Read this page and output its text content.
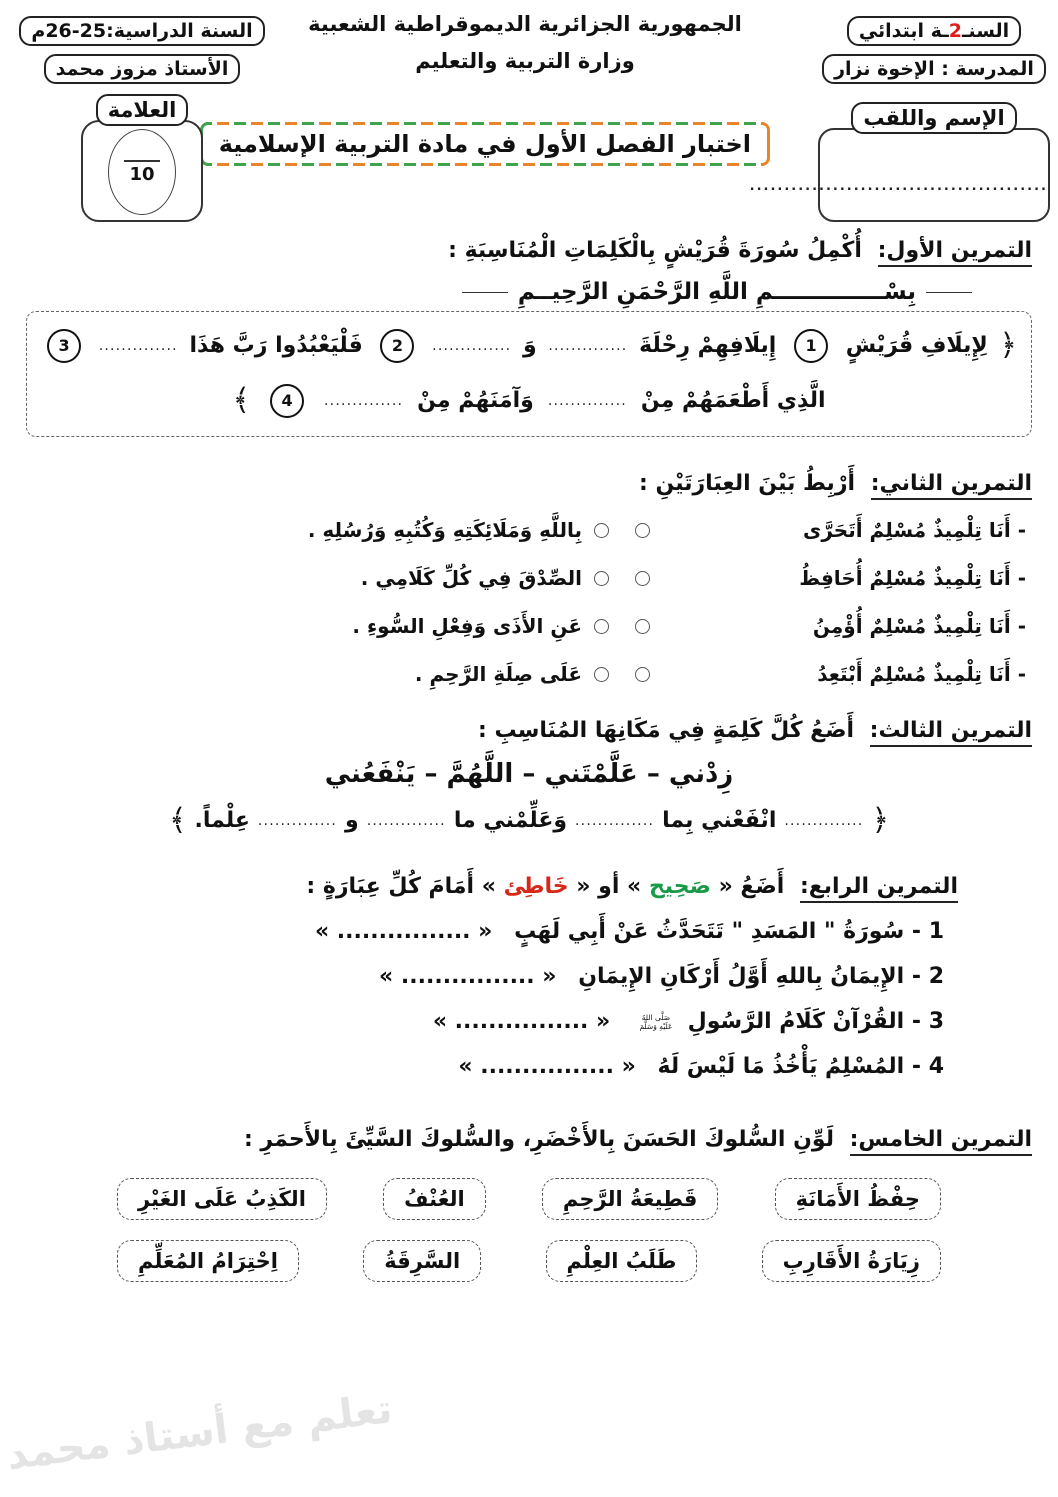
السنـ2ـة ابتدائي
المدرسة : الإخوة نزار
الإسم واللقب
...........................................
الجمهورية الجزائرية الديموقراطية الشعبية
وزارة التربية والتعليم
اختبار الفصل الأول في مادة التربية الإسلامية
السنة الدراسية:25-26م
الأستاذ مزوز محمد
العلامة
10
التمرين الأول: أُكْمِلُ سُورَةَ قُرَيْشٍ بِالْكَلِمَاتِ الْمُنَاسِبَةِ :
بِسْــــــــــــــمِ اللَّهِ الرَّحْمَنِ الرَّحِيــمِ
﴿
لِإِيلَافِ قُرَيْشٍ
1
إِيلَافِهِمْ رِحْلَةَ
..............
وَ
..............
2
فَلْيَعْبُدُوا رَبَّ هَذَا
..............
3
الَّذِي أَطْعَمَهُمْ مِنْ
..............
وَآمَنَهُمْ مِنْ
..............
4
﴾
التمرين الثاني: أَرْبِطُ بَيْنَ العِبَارَتَيْنِ :
- أَنَا تِلْمِيذٌ مُسْلِمٌ أَتَحَرَّى
بِاللَّهِ وَمَلَائِكَتِهِ وَكُتُبِهِ وَرُسُلِهِ .
- أَنَا تِلْمِيذٌ مُسْلِمٌ أُحَافِظُ
الصِّدْقَ فِي كُلِّ كَلَامِي .
- أَنَا تِلْمِيذٌ مُسْلِمٌ أُؤْمِنُ
عَنِ الأَذَى وَفِعْلِ السُّوءِ .
- أَنَا تِلْمِيذٌ مُسْلِمٌ أَبْتَعِدُ
عَلَى صِلَةِ الرَّحِمِ .
التمرين الثالث: أَضَعُ كُلَّ كَلِمَةٍ فِي مَكَانِهَا المُنَاسِبِ :
زِدْني – عَلَّمْتَني – اللَّهُمَّ – يَنْفَعُني
﴿
..............
انْفَعْني بِما
..............
وَعَلِّمْني ما
..............
و
..............
عِلْماً.
﴾
التمرين الرابع: أَضَعُ « صَحِيح » أو « خَاطِئ » أَمَامَ كُلِّ عِبَارَةٍ :
1 - سُورَةُ " المَسَدِ " تَتَحَدَّثُ عَنْ أَبِي لَهَبٍ « ................ »
2 - الإِيمَانُ بِاللهِ أَوَّلُ أَرْكَانِ الإِيمَانِ « ................ »
3 - القُرْآنْ كَلَامُ الرَّسُولِ صَلَّى اللهُ عَلَيْهِ وَسَلَّمَ « ................ »
4 - المُسْلِمُ يَأْخُذُ مَا لَيْسَ لَهُ « ................ »
التمرين الخامس: لَوِّنِ السُّلوكَ الحَسَنَ بِالأَخْضَرِ، والسُّلوكَ السَّيِّئَ بِالأَحمَرِ :
حِفْظُ الأَمَانَةِ
قَطِيعَةُ الرَّحِمِ
العُنْفُ
الكَذِبُ عَلَى الغَيْرِ
زِيَارَةُ الأَقَارِبِ
طَلَبُ العِلْمِ
السَّرِقَةُ
اِحْتِرَامُ المُعَلِّمِ
تعلم مع أستاذ محمد
